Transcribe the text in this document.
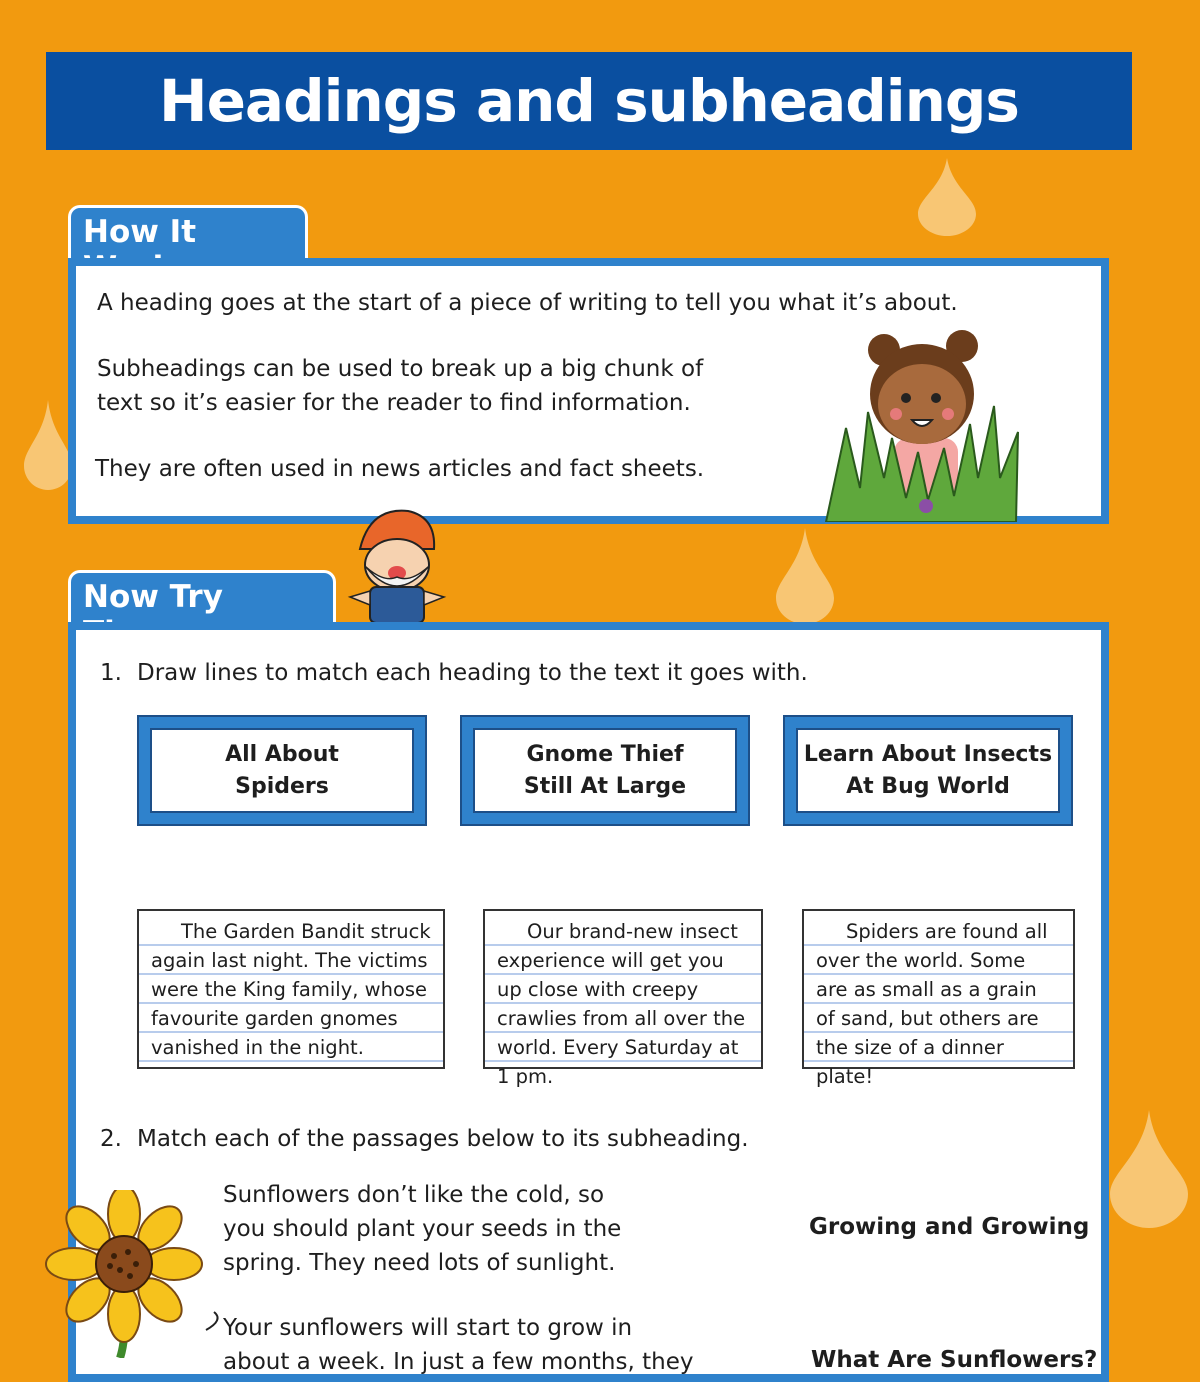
Headings and subheadings
How It

A heading goes at the start of a piece of writing to tell you what it’s about.

Subheadings can be used to break up a big chunk of

text so it’s easier for the reader to find information.

They are often used in news articles and fact sheets.

Now Try

1. Draw lines to match each heading to the text it goes with.

All About
Spiders
Gnome Thief
Still At Large
Learn About Insects
At Bug World

The Garden Bandit struck again last night. The victims were the King family, whose favourite garden gnomes vanished in the night.

Our brand-new insect experience will get you up close with creepy crawlies from all over the world. Every Saturday at 1 pm.

Spiders are found all over the world. Some are as small as a grain of sand, but others are the size of a dinner plate!

2. Match each of the passages below to its subheading.

Sunflowers don’t like the cold, so

you should plant your seeds in the

spring. They need lots of sunlight.

Your sunflowers will start to grow in

about a week. In just a few months, they

Growing and Growing
What Are Sunflowers?
